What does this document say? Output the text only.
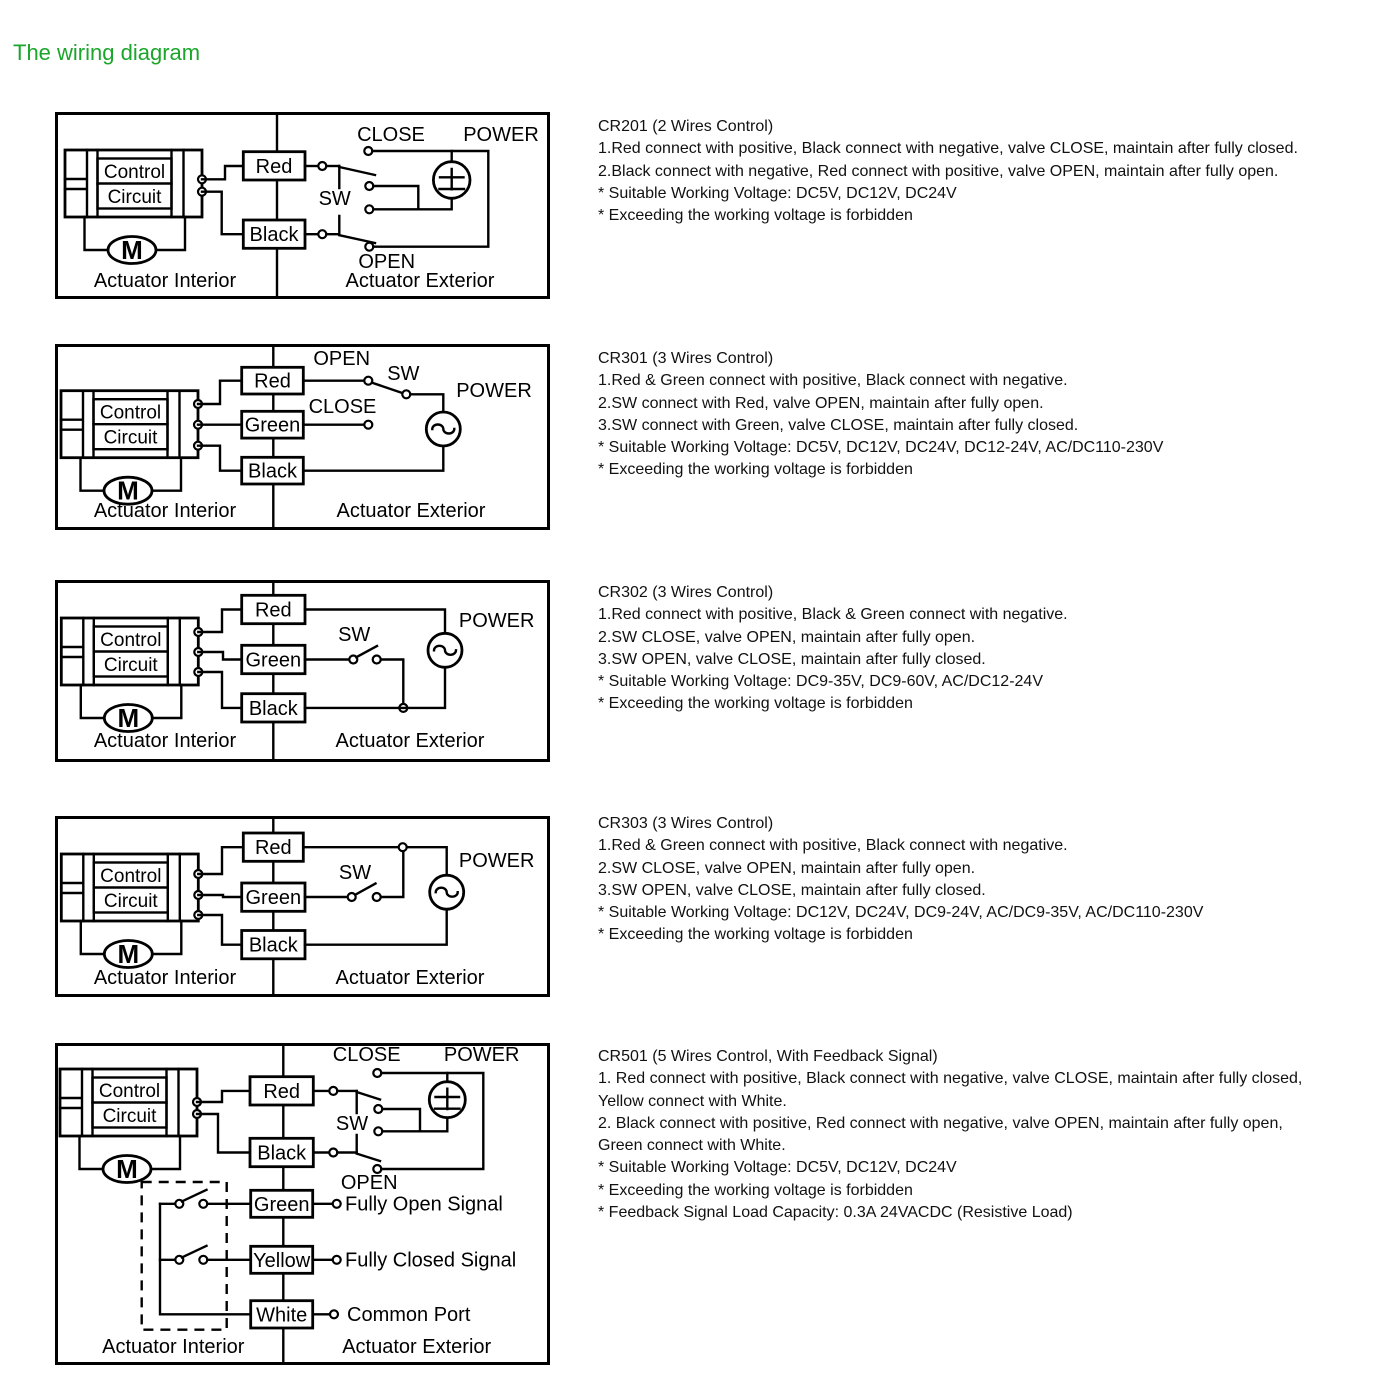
The wiring diagram
Red
Black
SW
CLOSE POWER
OPEN
Actuator Interior	Actuator Exterior
CR201 (2 Wires Control)
1.Red connect with positive, Black connect with negative, valve CLOSE, maintain after fully closed.
2.Black connect with negative, Red connect with positive, valve OPEN, maintain after fully open.
* Suitable Working Voltage: DC5V, DC12V, DC24V
* Exceeding the working voltage is forbidden
Red	SW
Green
Black
OPEN
CLOSE
POWER
Actuator Interior	Actuator Exterior
CR301 (3 Wires Control)
1.Red & Green connect with positive, Black connect with negative.
2.SW connect with Red, valve OPEN, maintain after fully open.
3.SW connect with Green, valve CLOSE, maintain after fully closed.
* Suitable Working Voltage: DC5V, DC12V, DC24V, DC12-24V, AC/DC110-230V
* Exceeding the working voltage is forbidden
Red
Green
SW
Black
POWER
Actuator Interior	Actuator Exterior
CR302 (3 Wires Control)
1.Red connect with positive, Black & Green connect with negative.
2.SW CLOSE, valve OPEN, maintain after fully open.
3.SW OPEN, valve CLOSE, maintain after fully closed.
* Suitable Working Voltage: DC9-35V, DC9-60V, AC/DC12-24V
* Exceeding the working voltage is forbidden
Red
Green
SW
Black
POWER
Actuator Interior	Actuator Exterior
CR303 (3 Wires Control)
1.Red & Green connect with positive, Black connect with negative.
2.SW CLOSE, valve OPEN, maintain after fully open.
3.SW OPEN, valve CLOSE, maintain after fully closed.
* Suitable Working Voltage: DC12V, DC24V, DC9-24V, AC/DC9-35V, AC/DC110-230V
* Exceeding the working voltage is forbidden
Red
Black
SW
CLOSE POWER
OPEN
Green Fully Open Signal
Yellow Fully Closed Signal
White Common Port
Actuator Interior	Actuator Exterior
CR501 (5 Wires Control, With Feedback Signal)
1. Red connect with positive, Black connect with negative, valve CLOSE, maintain after fully closed,
Yellow connect with White.
2. Black connect with positive, Red connect with negative, valve OPEN, maintain after fully open,
Green connect with White.
* Suitable Working Voltage: DC5V, DC12V, DC24V
* Exceeding the working voltage is forbidden
* Feedback Signal Load Capacity: 0.3A 24VACDC (Resistive Load)
